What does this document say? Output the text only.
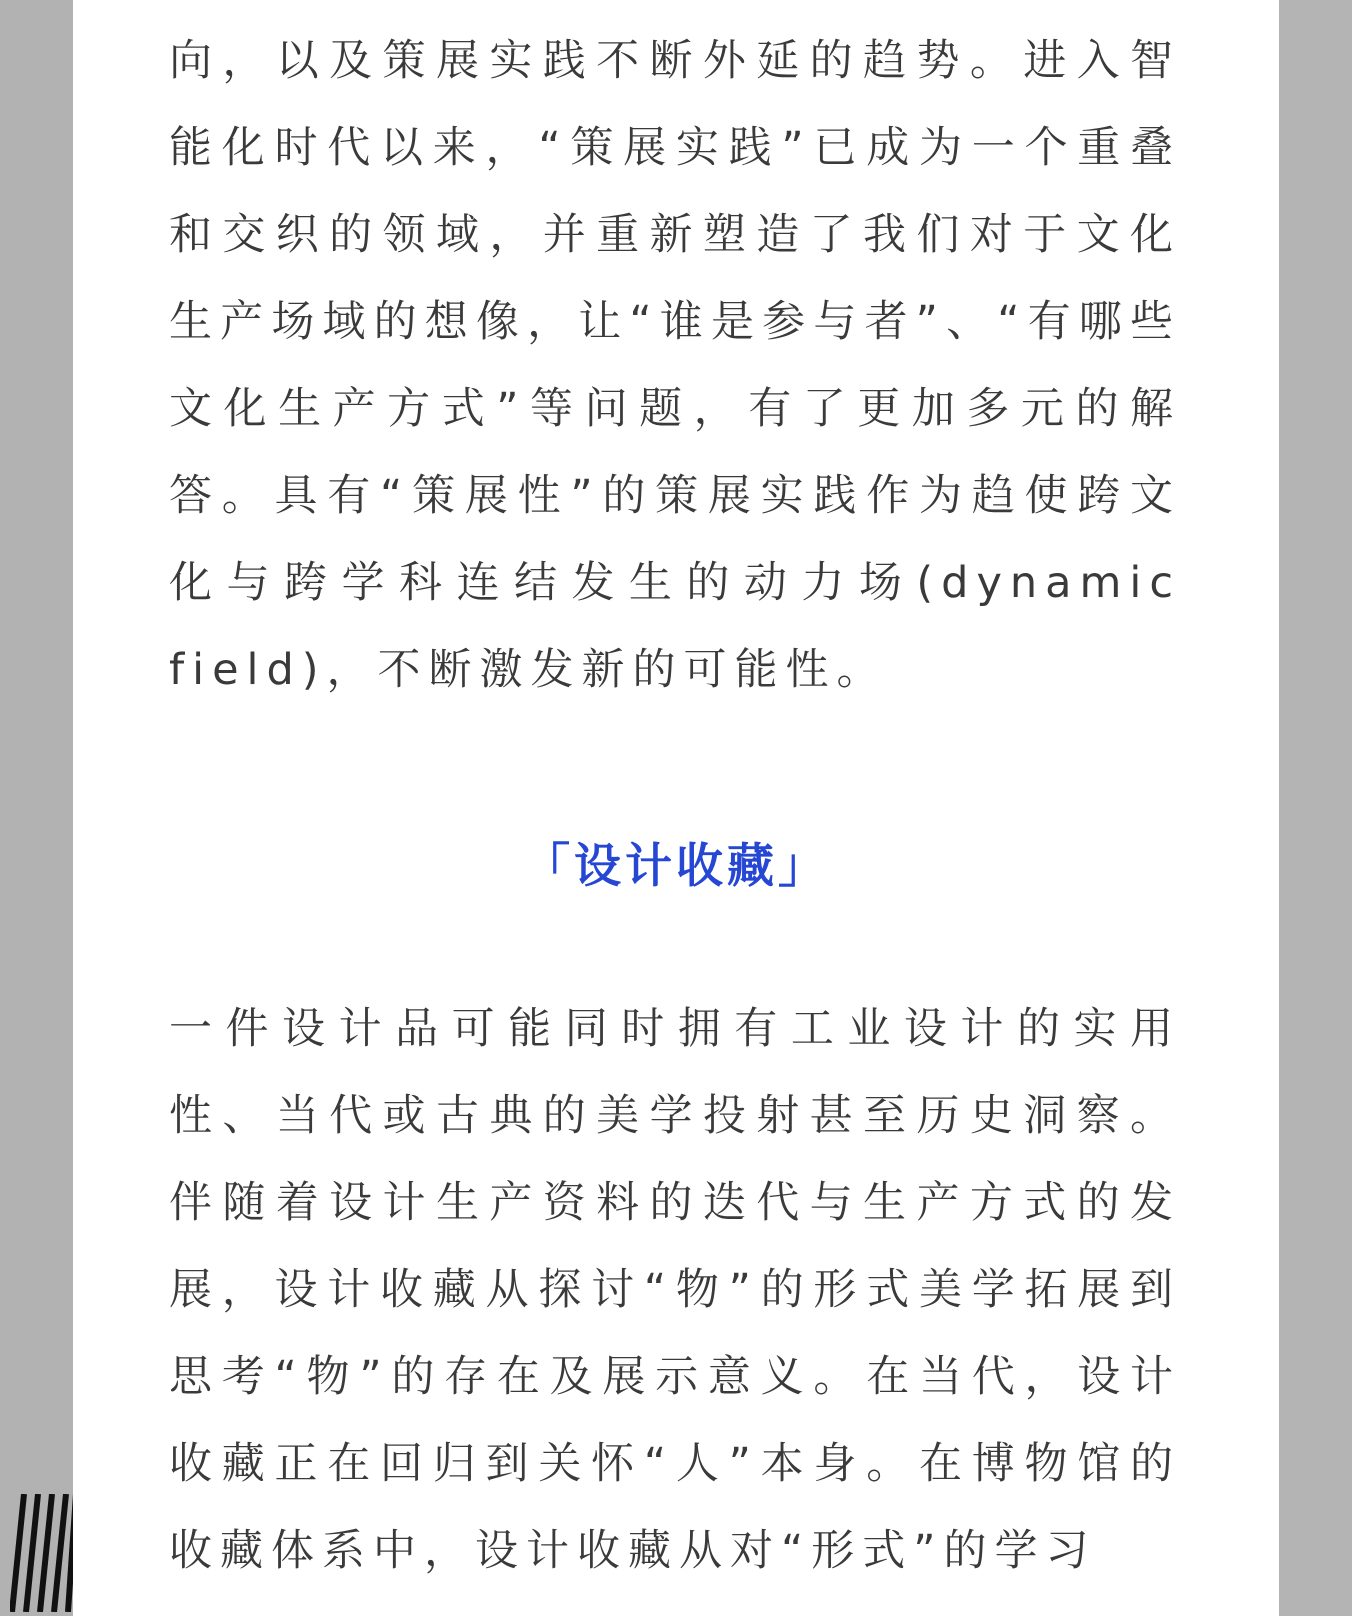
向，以及策展实践不断外延的趋势。进入智能化时代以来，“策展实践”已成为一个重叠和交织的领域，并重新塑造了我们对于文化生产场域的想像，让“谁是参与者”、“有哪些文化生产方式”等问题，有了更加多元的解答。具有“策展性”的策展实践作为趋使跨文化与跨学科连结发生的动力场(dynamic field)，不断激发新的可能性。

「设计收藏」

一件设计品可能同时拥有工业设计的实用性、当代或古典的美学投射甚至历史洞察。伴随着设计生产资料的迭代与生产方式的发展，设计收藏从探讨“物”的形式美学拓展到思考“物”的存在及展示意义。在当代，设计收藏正在回归到关怀“人”本身。在博物馆的收藏体系中，设计收藏从对“形式”的学习
